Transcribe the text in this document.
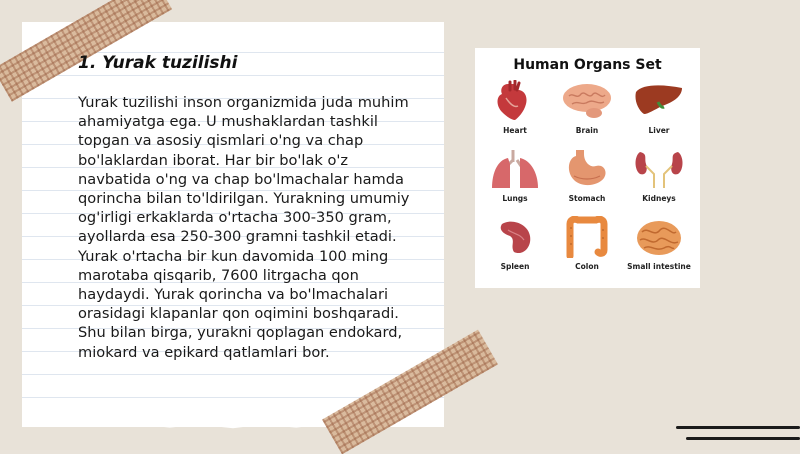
1. Yurak tuzilishi

Yurak tuzilishi inson organizmida juda muhim ahamiyatga ega. U mushaklardan tashkil topgan va asosiy qismlari o'ng va chap bo'laklardan iborat. Har bir bo'lak o'z navbatida o'ng va chap bo'lmachalar hamda qorincha bilan to'ldirilgan. Yurakning umumiy og'irligi erkaklarda o'rtacha 300-350 gram, ayollarda esa 250-300 gramni tashkil etadi. Yurak o'rtacha bir kun davomida 100 ming marotaba qisqarib, 7600 litrgacha qon haydaydi. Yurak qorincha va bo'lmachalari orasidagi klapanlar qon oqimini boshqaradi. Shu bilan birga, yurakni qoplagan endokard, miokard va epikard qatlamlari bor.

Human Organs Set
Heart	Brain	Liver
Lungs	Stomach	Kidneys
Spleen	Colon	Small intestine
